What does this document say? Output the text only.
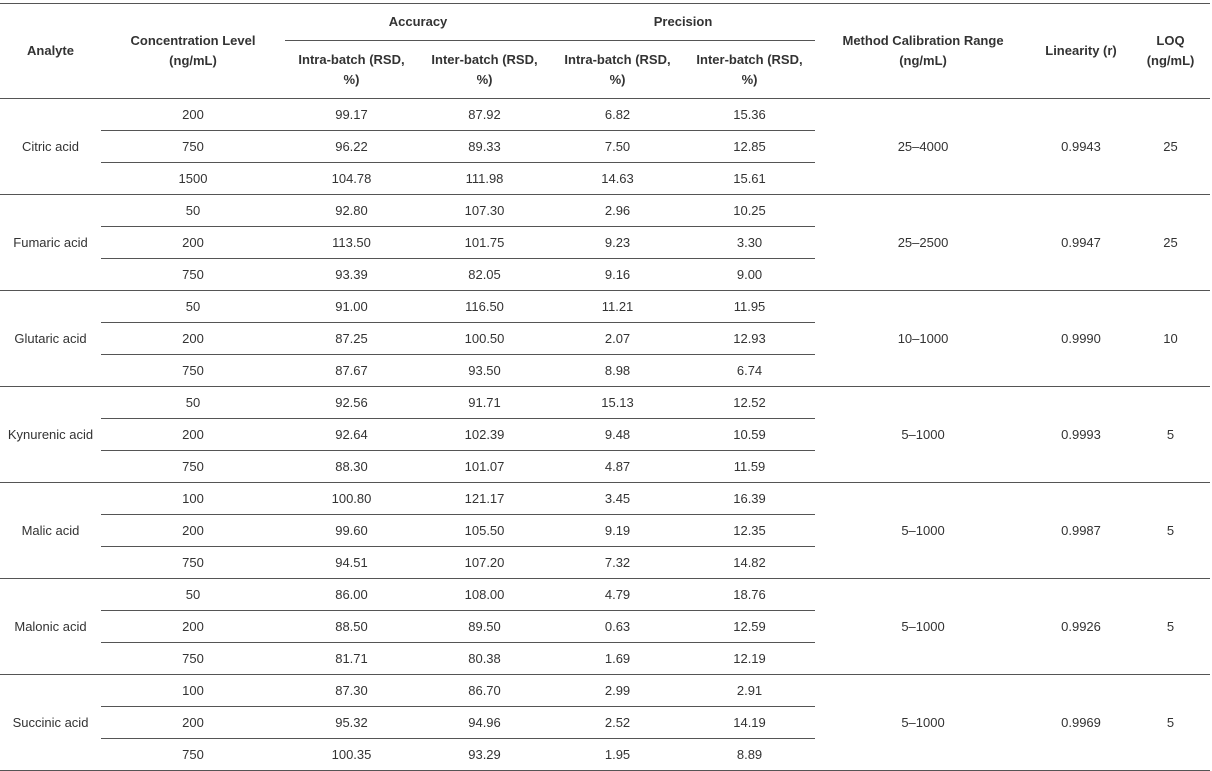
Analyte	Concentration Level (ng/mL)	Accuracy		Precision		Method Calibration Range (ng/mL)	Linearity (r)	LOQ (ng/mL)
		Intra-batch (RSD, %)	Inter-batch (RSD, %)	Intra-batch (RSD, %)	Inter-batch (RSD, %)			
Citric acid	200	99.17	87.92	6.82	15.36	25–4000	0.9943	25
	750	96.22	89.33	7.50	12.85			
	1500	104.78	111.98	14.63	15.61			
Fumaric acid	50	92.80	107.30	2.96	10.25	25–2500	0.9947	25
	200	113.50	101.75	9.23	3.30			
	750	93.39	82.05	9.16	9.00			
Glutaric acid	50	91.00	116.50	11.21	11.95	10–1000	0.9990	10
	200	87.25	100.50	2.07	12.93			
	750	87.67	93.50	8.98	6.74			
Kynurenic acid	50	92.56	91.71	15.13	12.52	5–1000	0.9993	5
	200	92.64	102.39	9.48	10.59			
	750	88.30	101.07	4.87	11.59			
Malic acid	100	100.80	121.17	3.45	16.39	5–1000	0.9987	5
	200	99.60	105.50	9.19	12.35			
	750	94.51	107.20	7.32	14.82			
Malonic acid	50	86.00	108.00	4.79	18.76	5–1000	0.9926	5
	200	88.50	89.50	0.63	12.59			
	750	81.71	80.38	1.69	12.19			
Succinic acid	100	87.30	86.70	2.99	2.91	5–1000	0.9969	5
	200	95.32	94.96	2.52	14.19			
	750	100.35	93.29	1.95	8.89			
